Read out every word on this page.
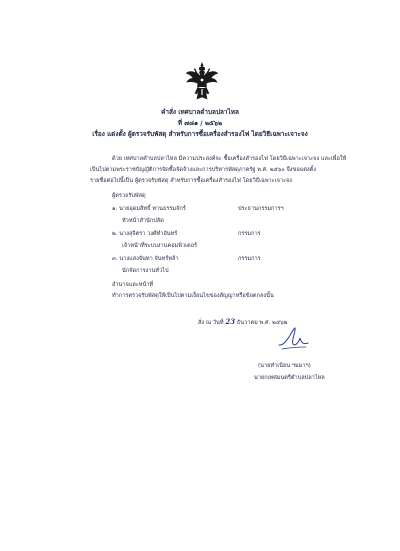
คำสั่ง เทศบาลตำบลปลาไหล
ที่ ๗๘๑ / ๒๕๖๒
เรื่อง แต่งตั้ง ผู้ตรวจรับพัสดุ สำหรับการซื้อเครื่องสำรองไฟ ไดยวิธีเฉพาะเจาะจง
ด้วย เทศบาลตำบลปลาไหล มีความประสงค์จะ ซื้อเครื่องสำรองไฟ โดยวิธีเฉพาะเจาะจง และเพื่อให้
เป็นไปตามพระราชบัญญัติการจัดซื้อจัดจ้างและการบริหารพัสดุภาครัฐ พ.ศ. ๒๕๖๐ จึงขอแต่งตั้ง
รายชื่อต่อไปนี้เป็น ผู้ตรวจรับพัสดุ สำหรับการซื้อเครื่องสำรองไฟ โดยวิธีเฉพาะเจาะจง
ผู้ตรวจรับพัสดุ
๑. นายอุดมสิทธิ์ ทานธรรมจักร์	ประธานกรรมการฯ
หัวหน้าสำนักปลัด
๒. นางสุจิตรา วงศ์ทำอันทร์	กรรมการ
เจ้าหน้าที่ระบบงานคอมพิวเตอร์
๓. นางแสงจันทา จันทร์หล้า	กรรมการ
นักจัดการงานทั่วไป
อำนาจและหน้าที่
ทำการตรวจรับพัสดุให้เป็นไปตามเงื่อนไขของสัญญาหรือข้อตกลงนั้น
สั่ง ณ วันที่ 23 ธันวาคม พ.ศ. ๒๕๖๒
(นายทำเนียน ฯมมาฯ)
นายกเทศมนตรีตำบลปลาไหล
